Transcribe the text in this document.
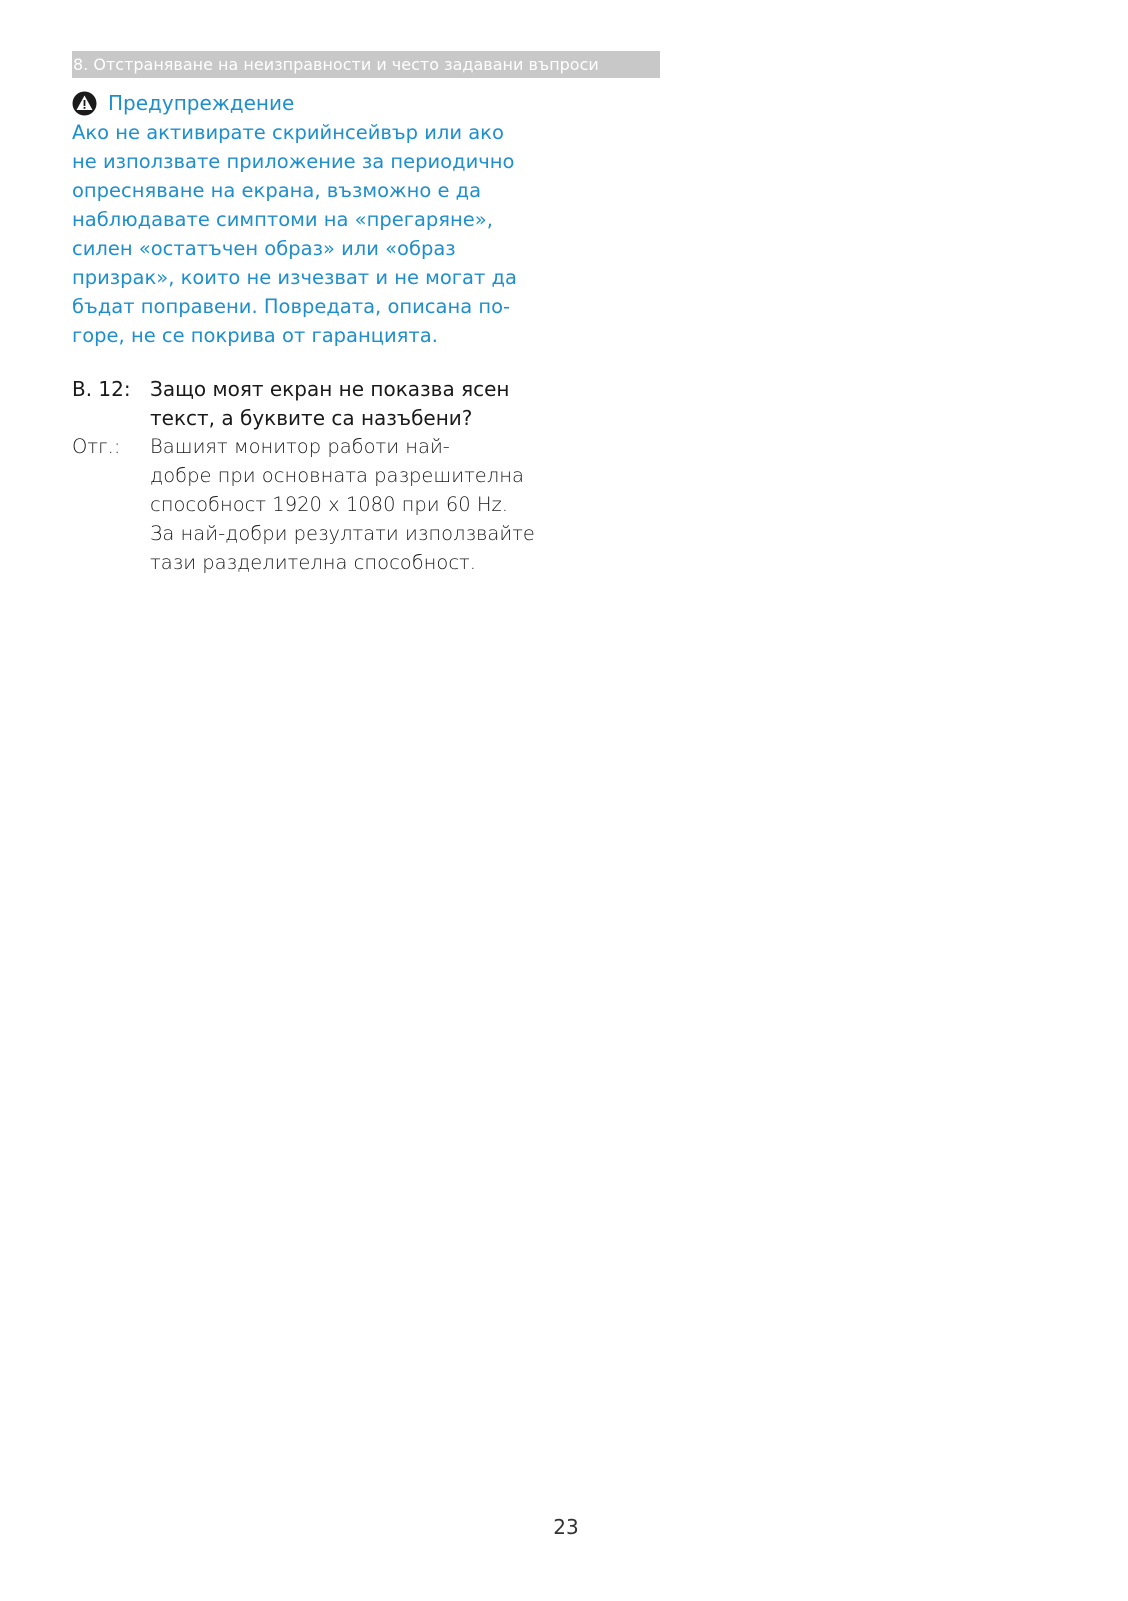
8. Отстраняване на неизправности и често задавани въпроси
Предупреждение

Ако не активирате скрийнсейвър или ако

не използвате приложение за периодично

опресняване на екрана, възможно е да

наблюдавате симптоми на «прегаряне»,

силен «остатъчен образ» или «образ

призрак», които не изчезват и не могат да

бъдат поправени. Повредата, описана по-

горе, не се покрива от гаранцията.

В. 12: Защо моят екран не показва ясен

текст, а буквите са назъбени?

Отг.:	Вашият монитор работи най-

добре при основната разрешителна

способност 1920 x 1080 при 60 Hz.

За най-добри резултати използвайте

тази разделителна способност.

23
